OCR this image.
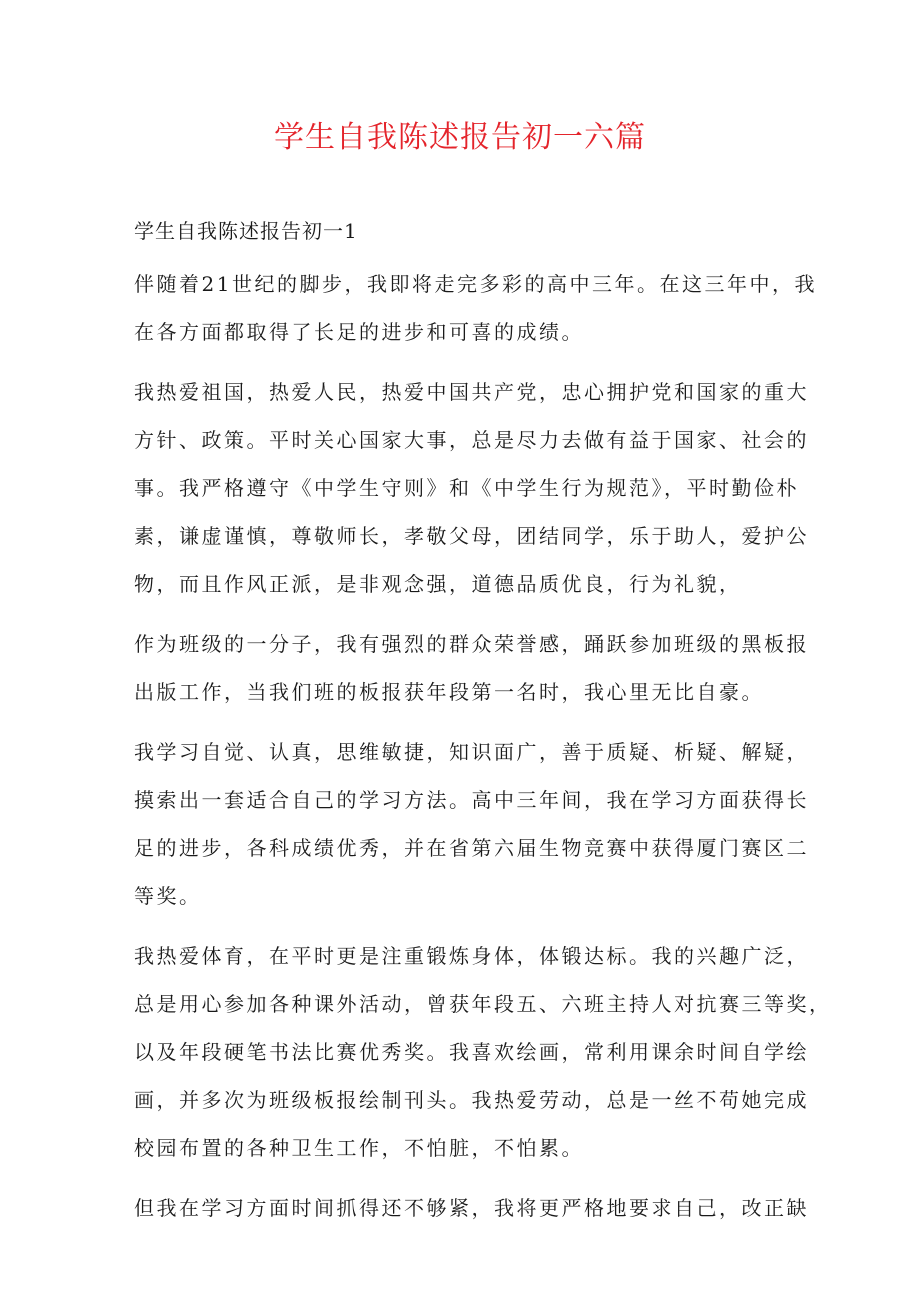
学生自我陈述报告初一六篇
学生自我陈述报告初一1
伴随着21世纪的脚步，我即将走完多彩的高中三年。在这三年中，我
在各方面都取得了长足的进步和可喜的成绩。
我热爱祖国，热爱人民，热爱中国共产党，忠心拥护党和国家的重大
方针、政策。平时关心国家大事，总是尽力去做有益于国家、社会的
事。我严格遵守《中学生守则》和《中学生行为规范》，平时勤俭朴
素，谦虚谨慎，尊敬师长，孝敬父母，团结同学，乐于助人，爱护公
物，而且作风正派，是非观念强，道德品质优良，行为礼貌，
作为班级的一分子，我有强烈的群众荣誉感，踊跃参加班级的黑板报
出版工作，当我们班的板报获年段第一名时，我心里无比自豪。
我学习自觉、认真，思维敏捷，知识面广，善于质疑、析疑、解疑，
摸索出一套适合自己的学习方法。高中三年间，我在学习方面获得长
足的进步，各科成绩优秀，并在省第六届生物竞赛中获得厦门赛区二
等奖。
我热爱体育，在平时更是注重锻炼身体，体锻达标。我的兴趣广泛，
总是用心参加各种课外活动，曾获年段五、六班主持人对抗赛三等奖，
以及年段硬笔书法比赛优秀奖。我喜欢绘画，常利用课余时间自学绘
画，并多次为班级板报绘制刊头。我热爱劳动，总是一丝不苟她完成
校园布置的各种卫生工作，不怕脏，不怕累。
但我在学习方面时间抓得还不够紧，我将更严格地要求自己，改正缺
